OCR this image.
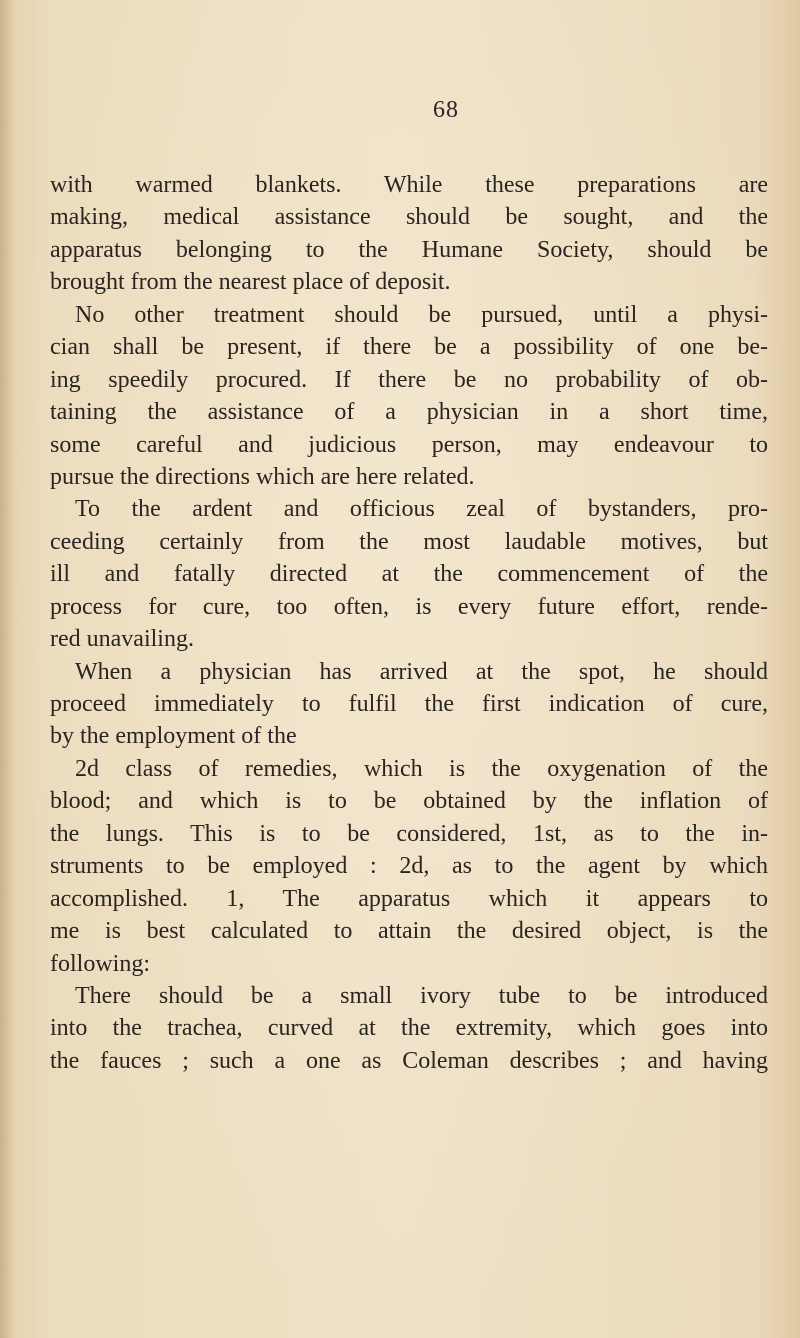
68
with warmed blankets. While these preparations are
making, medical assistance should be sought, and the
apparatus belonging to the Humane Society, should be
brought from the nearest place of deposit.
No other treatment should be pursued, until a physi-
cian shall be present, if there be a possibility of one be-
ing speedily procured. If there be no probability of ob-
taining the assistance of a physician in a short time,
some careful and judicious person, may endeavour to
pursue the directions which are here related.
To the ardent and officious zeal of bystanders, pro-
ceeding certainly from the most laudable motives, but
ill and fatally directed at the commencement of the
process for cure, too often, is every future effort, rende-
red unavailing.
When a physician has arrived at the spot, he should
proceed immediately to fulfil the first indication of cure,
by the employment of the
2d class of remedies, which is the oxygenation of the
blood; and which is to be obtained by the inflation of
the lungs. This is to be considered, 1st, as to the in-
struments to be employed : 2d, as to the agent by which
accomplished. 1, The apparatus which it appears to
me is best calculated to attain the desired object, is the
following:
There should be a small ivory tube to be introduced
into the trachea, curved at the extremity, which goes into
the fauces ; such a one as Coleman describes ; and having
